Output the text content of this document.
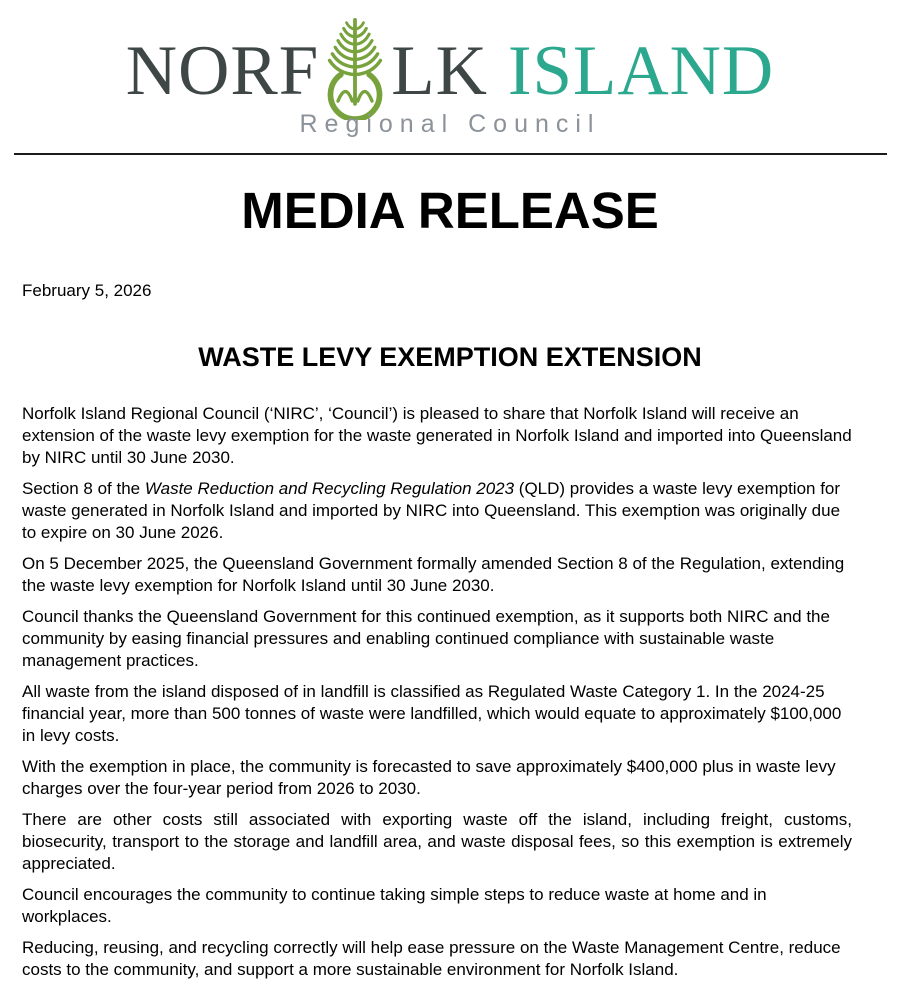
NORF LK ISLAND
Regional Council
MEDIA RELEASE
February 5, 2026
WASTE LEVY EXEMPTION EXTENSION

Norfolk Island Regional Council (‘NIRC’, ‘Council’) is pleased to share that Norfolk Island will receive an extension of the waste levy exemption for the waste generated in Norfolk Island and imported into Queensland by NIRC until 30 June 2030.

Section 8 of the Waste Reduction and Recycling Regulation 2023 (QLD) provides a waste levy exemption for waste generated in Norfolk Island and imported by NIRC into Queensland. This exemption was originally due to expire on 30 June 2026.

On 5 December 2025, the Queensland Government formally amended Section 8 of the Regulation, extending the waste levy exemption for Norfolk Island until 30 June 2030.

Council thanks the Queensland Government for this continued exemption, as it supports both NIRC and the community by easing financial pressures and enabling continued compliance with sustainable waste management practices.

All waste from the island disposed of in landfill is classified as Regulated Waste Category 1. In the 2024-25 financial year, more than 500 tonnes of waste were landfilled, which would equate to approximately $100,000 in levy costs.

With the exemption in place, the community is forecasted to save approximately $400,000 plus in waste levy charges over the four-year period from 2026 to 2030.

There are other costs still associated with exporting waste off the island, including freight, customs, biosecurity, transport to the storage and landfill area, and waste disposal fees, so this exemption is extremely appreciated.

Council encourages the community to continue taking simple steps to reduce waste at home and in workplaces.

Reducing, reusing, and recycling correctly will help ease pressure on the Waste Management Centre, reduce costs to the community, and support a more sustainable environment for Norfolk Island.
